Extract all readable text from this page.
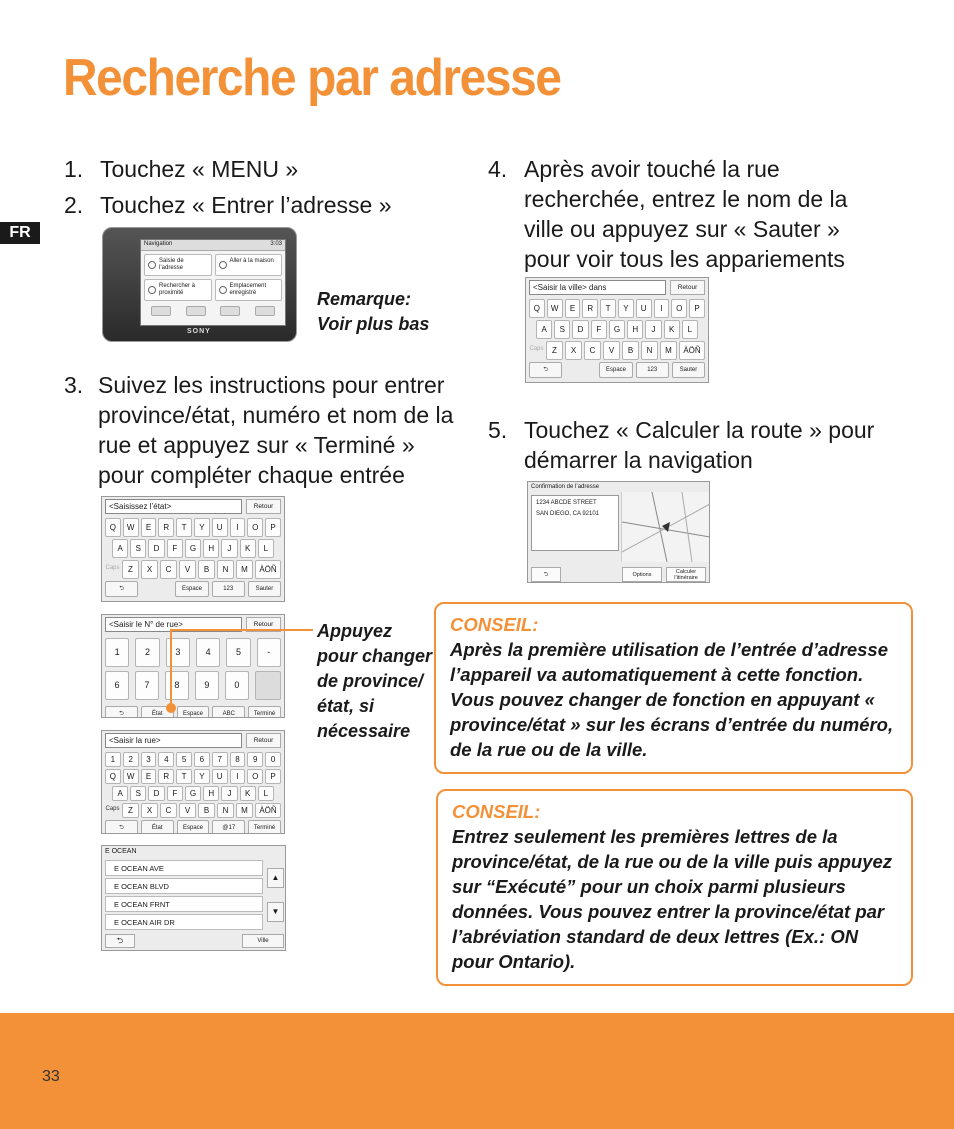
Recherche par adresse
FR
1. Touchez « MENU »
2. Touchez « Entrer l’adresse »
Navigation	3:03
Saisie de l’adresse
Aller à la maison
Rechercher à proximité
Emplacement enregistré
SONY
Remarque: Voir plus bas
3. Suivez les instructions pour entrer province/état, numéro et nom de la rue et appuyez sur « Terminé » pour compléter chaque entrée
4. Après avoir touché la rue recherchée, entrez le nom de la ville ou appuyez sur « Sauter » pour voir tous les appariements
5. Touchez « Calculer la route » pour démarrer la navigation
<Saisir la ville> dans	Retour
Q	W	E	R	T	Y	U	I	O	P
A	S	D	F	G	H	J	K	L
Caps	Z	X	C	V	B	N	M	ÀÖÑ
⮌	Espace	123	Sauter
<Saisissez l’état>	Retour
Q	W	E	R	T	Y	U	I	O	P
A	S	D	F	G	H	J	K	L
Caps	Z	X	C	V	B	N	M	ÀÖÑ
⮌	Espace	123	Sauter
<Saisir le N° de rue>	Retour
1	2	3	4	5	-
6	7	8	9	0
⮌	État	Espace	ABC	Terminé
Appuyez pour changer de province/ état, si nécessaire
<Saisir la rue>	Retour
1	2	3	4	5	6	7	8	9	0
Q	W	E	R	T	Y	U	I	O	P
A	S	D	F	G	H	J	K	L
Caps	Z	X	C	V	B	N	M	ÀÖÑ
⮌	État	Espace	@17	Terminé
E OCEAN
E OCEAN AVE
E OCEAN BLVD
E OCEAN FRNT
E OCEAN AIR DR
▲
▼
⮌	Ville
Confirmation de l’adresse
1234 ABCDE STREET
SAN DIEGO, CA 92101
⮌	Options	Calculer l’itinéraire
CONSEIL:
Après la première utilisation de l’entrée d’adresse l’appareil va automatiquement à cette fonction. Vous pouvez changer de fonction en appuyant « province/état » sur les écrans d’entrée du numéro, de la rue ou de la ville.
CONSEIL:
Entrez seulement les premières lettres de la province/état, de la rue ou de la ville puis appuyez sur “Exécuté” pour un choix parmi plusieurs données. Vous pouvez entrer la province/état par l’abréviation standard de deux lettres (Ex.: ON pour Ontario).
33
